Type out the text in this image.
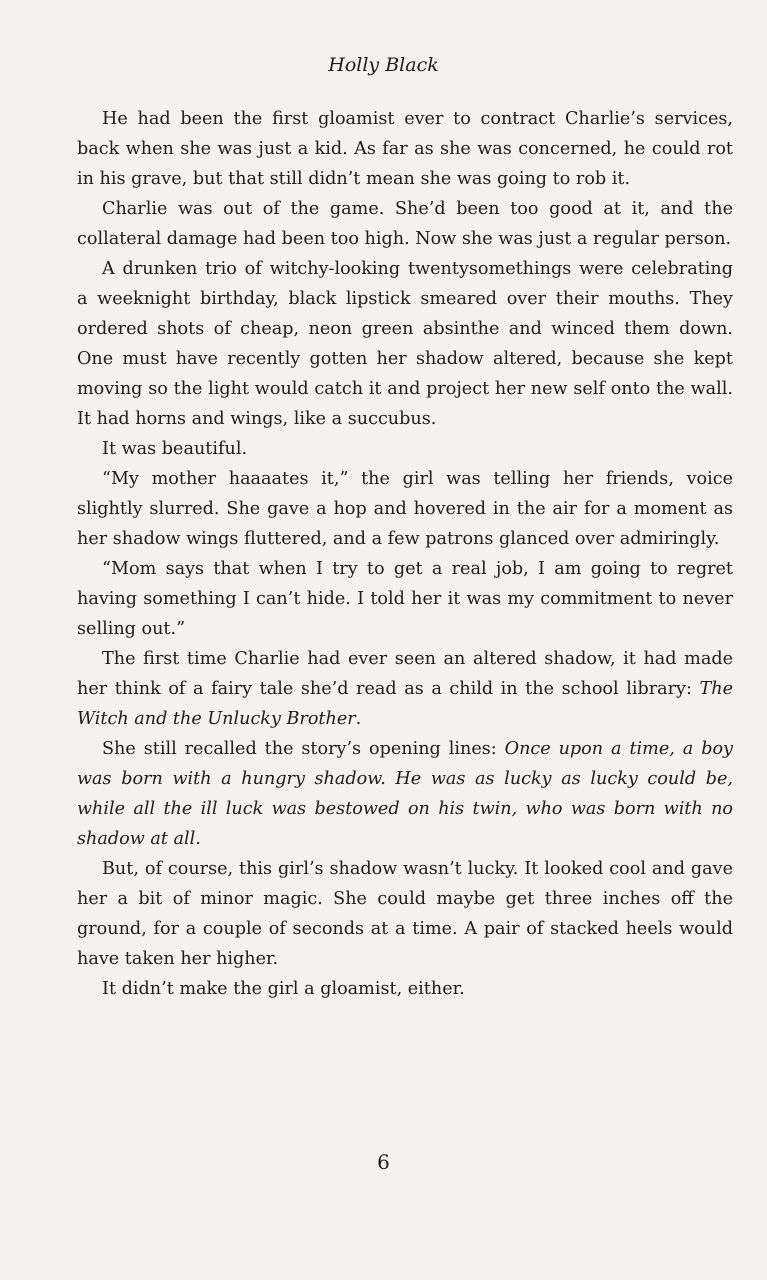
Holly Black

He had been the first gloamist ever to contract Charlie’s services, back when she was just a kid. As far as she was concerned, he could rot in his grave, but that still didn’t mean she was going to rob it.

Charlie was out of the game. She’d been too good at it, and the collateral damage had been too high. Now she was just a regular person.

A drunken trio of witchy-looking twentysomethings were celebrating a weeknight birthday, black lipstick smeared over their mouths. They ordered shots of cheap, neon green absinthe and winced them down. One must have recently gotten her shadow altered, because she kept moving so the light would catch it and project her new self onto the wall. It had horns and wings, like a succubus.

It was beautiful.

“My mother haaaates it,” the girl was telling her friends, voice slightly slurred. She gave a hop and hovered in the air for a moment as her shadow wings fluttered, and a few patrons glanced over admiringly.

“Mom says that when I try to get a real job, I am going to regret having something I can’t hide. I told her it was my commitment to never selling out.”

The first time Charlie had ever seen an altered shadow, it had made her think of a fairy tale she’d read as a child in the school library: The Witch and the Unlucky Brother.

She still recalled the story’s opening lines: Once upon a time, a boy was born with a hungry shadow. He was as lucky as lucky could be, while all the ill luck was bestowed on his twin, who was born with no shadow at all.

But, of course, this girl’s shadow wasn’t lucky. It looked cool and gave her a bit of minor magic. She could maybe get three inches off the ground, for a couple of seconds at a time. A pair of stacked heels would have taken her higher.

It didn’t make the girl a gloamist, either.

6
